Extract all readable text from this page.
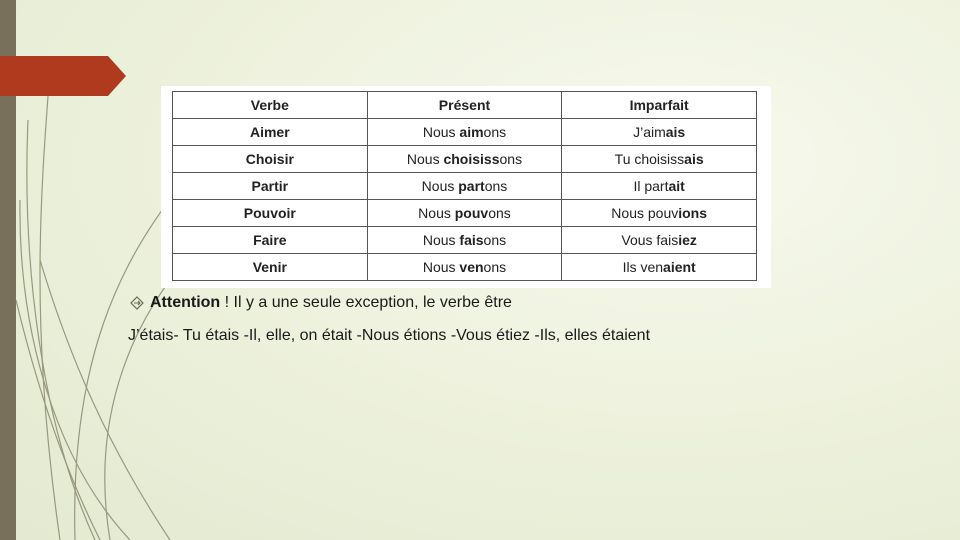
Verbe	Présent	Imparfait
Aimer	Nous aimons	J’aimais
Choisir	Nous choisissons	Tu choisissais
Partir	Nous partons	Il partait
Pouvoir	Nous pouvons	Nous pouvions
Faire	Nous faisons	Vous faisiez
Venir	Nous venons	Ils venaient
Attention ! Il y a une seule exception, le verbe être
J’étais- Tu étais -Il, elle, on était -Nous étions -Vous étiez -Ils, elles étaient
